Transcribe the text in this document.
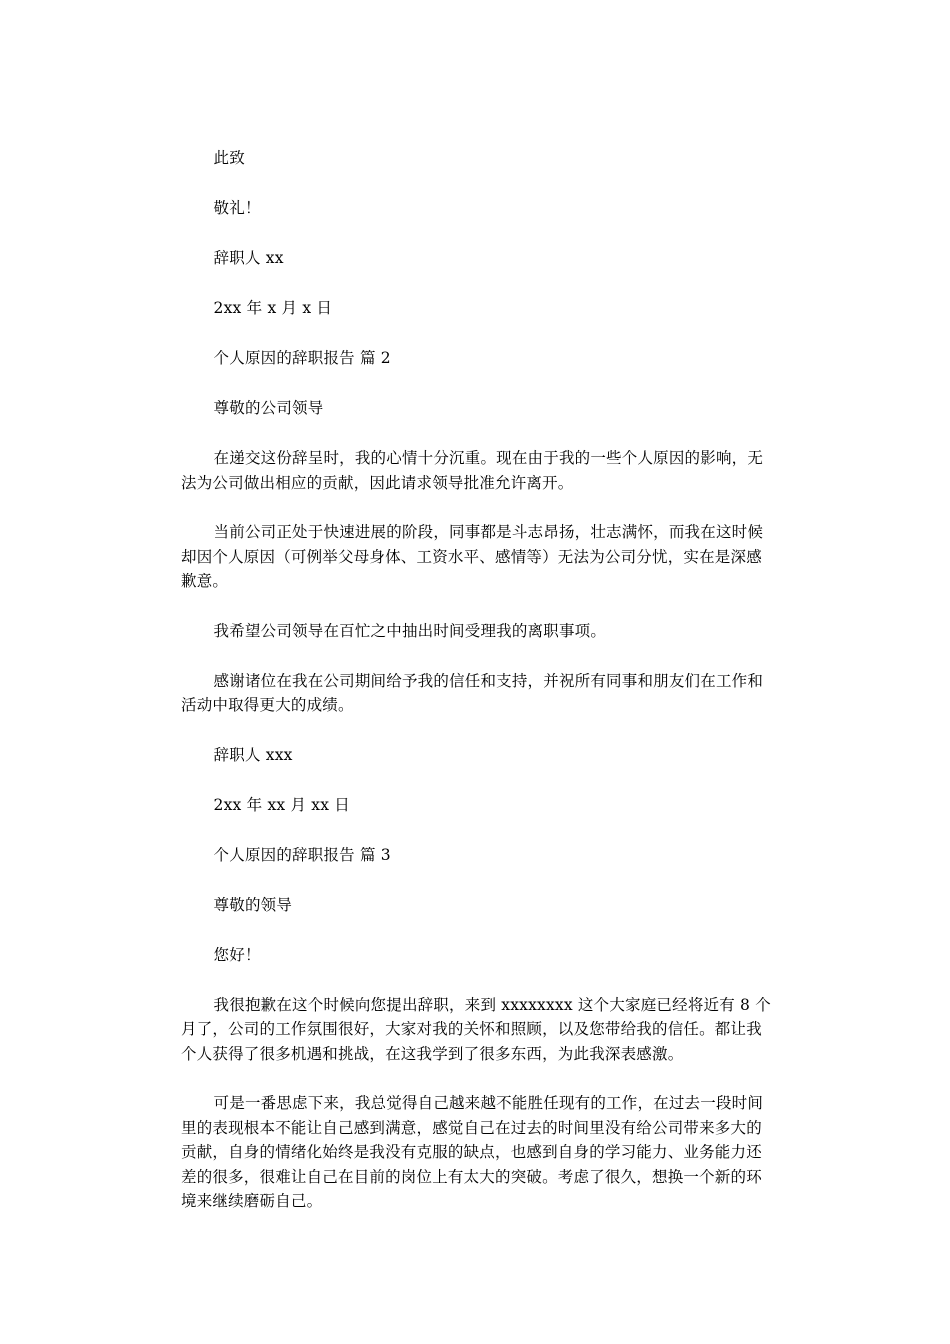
此致

敬礼！

辞职人 xx

2xx 年 x 月 x 日

个人原因的辞职报告 篇 2

尊敬的公司领导

在递交这份辞呈时，我的心情十分沉重。现在由于我的一些个人原因的影响，无法为公司做出相应的贡献，因此请求领导批准允许离开。

当前公司正处于快速进展的阶段，同事都是斗志昂扬，壮志满怀，而我在这时候却因个人原因（可例举父母身体、工资水平、感情等）无法为公司分忧，实在是深感歉意。

我希望公司领导在百忙之中抽出时间受理我的离职事项。

感谢诸位在我在公司期间给予我的信任和支持，并祝所有同事和朋友们在工作和活动中取得更大的成绩。

辞职人 xxx

2xx 年 xx 月 xx 日

个人原因的辞职报告 篇 3

尊敬的领导

您好！

我很抱歉在这个时候向您提出辞职，来到 xxxxxxxx 这个大家庭已经将近有 8 个月了，公司的工作氛围很好，大家对我的关怀和照顾，以及您带给我的信任。都让我个人获得了很多机遇和挑战，在这我学到了很多东西，为此我深表感激。

可是一番思虑下来，我总觉得自己越来越不能胜任现有的工作，在过去一段时间里的表现根本不能让自己感到满意，感觉自己在过去的时间里没有给公司带来多大的贡献，自身的情绪化始终是我没有克服的缺点，也感到自身的学习能力、业务能力还差的很多，很难让自己在目前的岗位上有太大的突破。考虑了很久，想换一个新的环境来继续磨砺自己。
